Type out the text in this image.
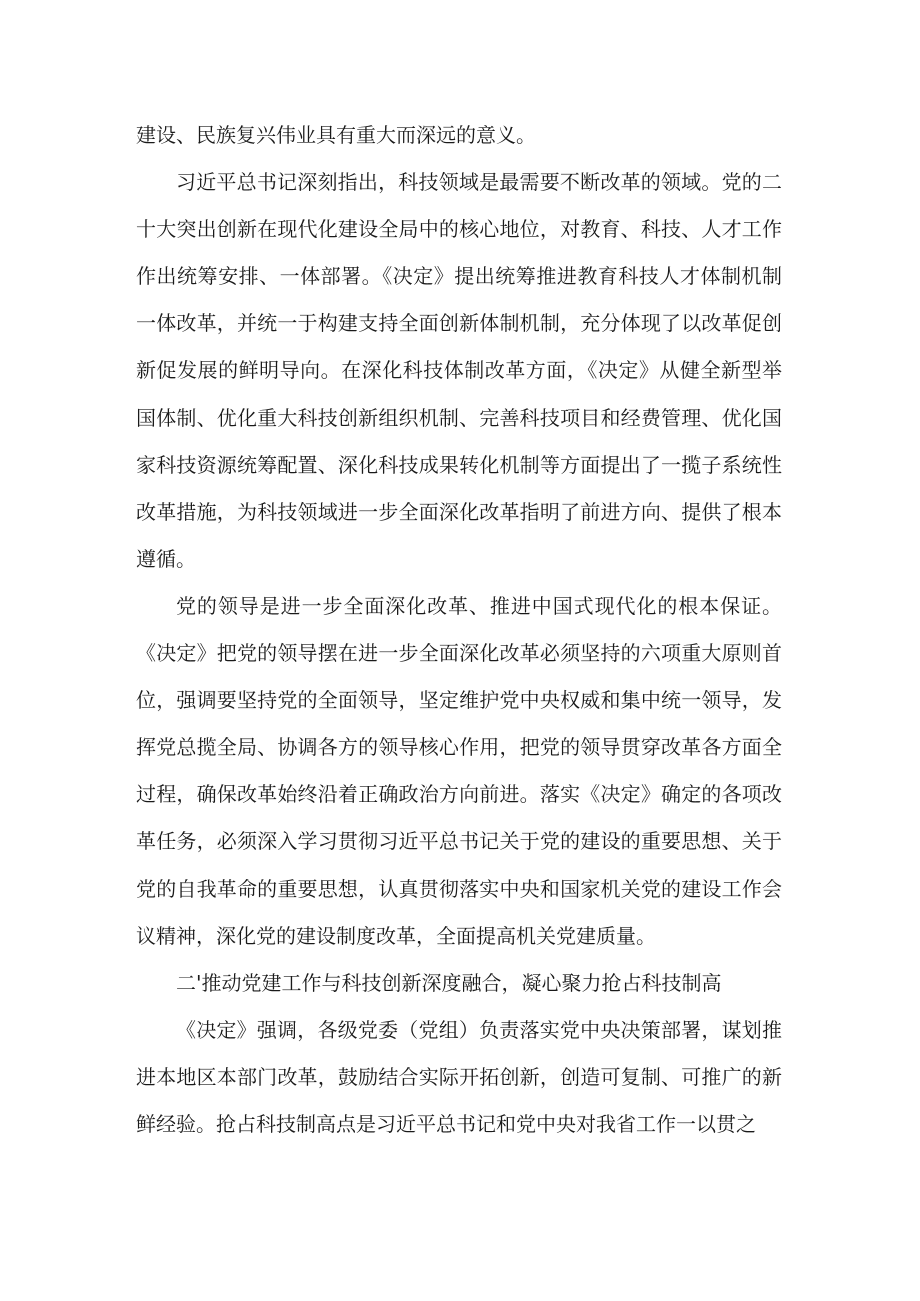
建设、民族复兴伟业具有重大而深远的意义。

习近平总书记深刻指出，科技领域是最需要不断改革的领域。党的二十大突出创新在现代化建设全局中的核心地位，对教育、科技、人才工作作出统筹安排、一体部署。《决定》提出统筹推进教育科技人才体制机制一体改革，并统一于构建支持全面创新体制机制，充分体现了以改革促创新促发展的鲜明导向。在深化科技体制改革方面，《决定》从健全新型举国体制、优化重大科技创新组织机制、完善科技项目和经费管理、优化国家科技资源统筹配置、深化科技成果转化机制等方面提出了一揽子系统性改革措施，为科技领域进一步全面深化改革指明了前进方向、提供了根本遵循。

党的领导是进一步全面深化改革、推进中国式现代化的根本保证。《决定》把党的领导摆在进一步全面深化改革必须坚持的六项重大原则首位，强调要坚持党的全面领导，坚定维护党中央权威和集中统一领导，发挥党总揽全局、协调各方的领导核心作用，把党的领导贯穿改革各方面全过程，确保改革始终沿着正确政治方向前进。落实《决定》确定的各项改革任务，必须深入学习贯彻习近平总书记关于党的建设的重要思想、关于党的自我革命的重要思想，认真贯彻落实中央和国家机关党的建设工作会议精神，深化党的建设制度改革，全面提高机关党建质量。

二'推动党建工作与科技创新深度融合，凝心聚力抢占科技制高

《决定》强调，各级党委（党组）负责落实党中央决策部署，谋划推进本地区本部门改革，鼓励结合实际开拓创新，创造可复制、可推广的新鲜经验。抢占科技制高点是习近平总书记和党中央对我省工作一以贯之
